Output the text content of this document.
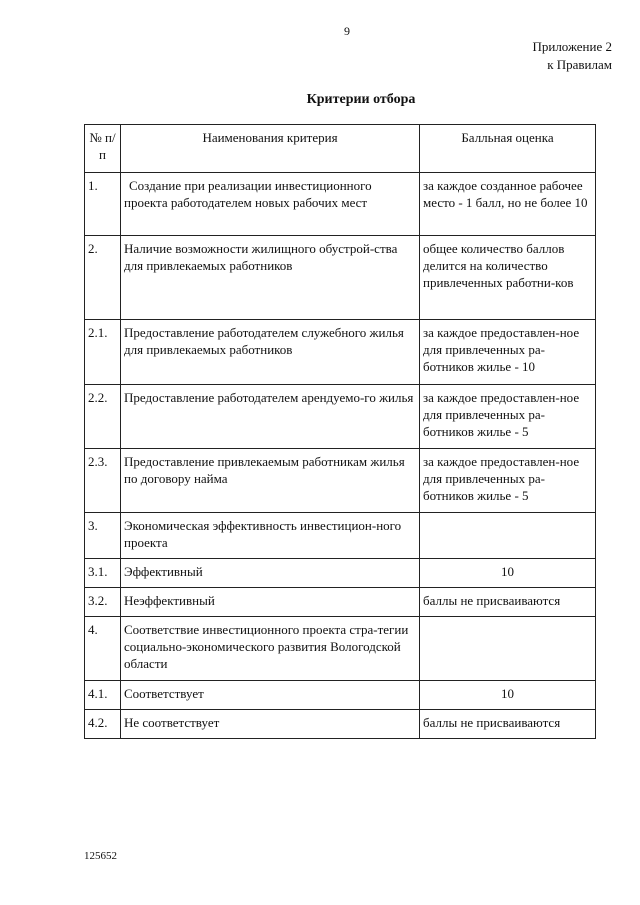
9
Приложение 2
к Правилам
Критерии отбора
№ п/п	Наименования критерия	Балльная оценка
1.	Создание при реализации инвестиционного проекта работодателем новых рабочих мест	за каждое созданное рабочее место - 1 балл, но не более 10
2.	Наличие возможности жилищного обустрой-ства для привлекаемых работников	общее количество баллов делится на количество привлеченных работни-ков
2.1.	Предоставление работодателем служебного жилья для привлекаемых работников	за каждое предоставлен-ное для привлеченных ра-ботников жилье - 10
2.2.	Предоставление работодателем арендуемо-го жилья	за каждое предоставлен-ное для привлеченных ра-ботников жилье - 5
2.3.	Предоставление привлекаемым работникам жилья по договору найма	за каждое предоставлен-ное для привлеченных ра-ботников жилье - 5
3.	Экономическая эффективность инвестицион-ного проекта	
3.1.	Эффективный	10
3.2.	Неэффективный	баллы не присваиваются
4.	Соответствие инвестиционного проекта стра-тегии социально-экономического развития Вологодской области	
4.1.	Соответствует	10
4.2.	Не соответствует	баллы не присваиваются
125652
